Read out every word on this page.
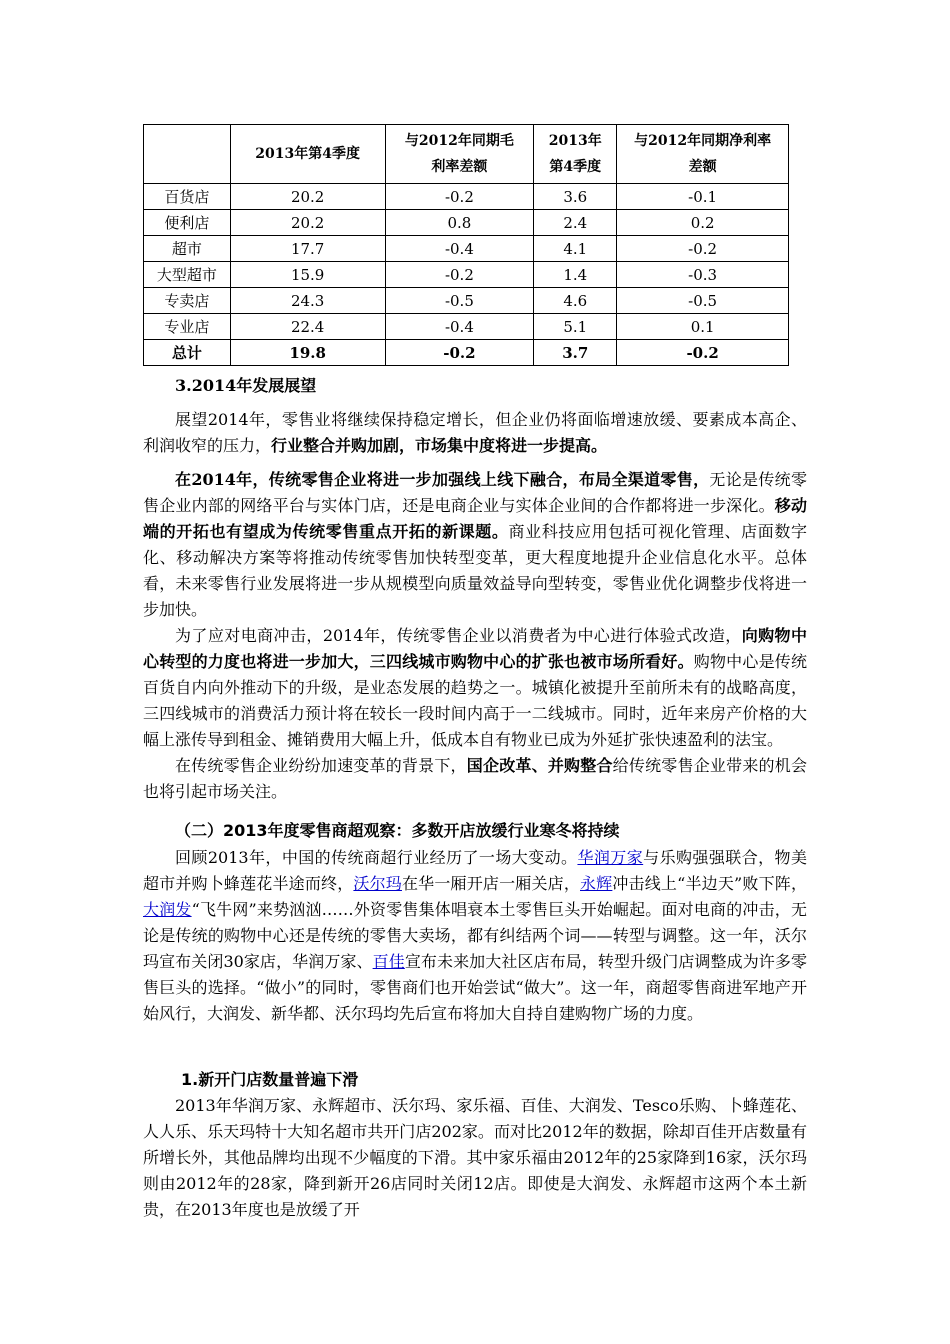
	2013年第4季度	与2012年同期毛利率差额	2013年第4季度	与2012年同期净利率差额
百货店	20.2	-0.2	3.6	-0.1
便利店	20.2	0.8	2.4	0.2
超市	17.7	-0.4	4.1	-0.2
大型超市	15.9	-0.2	1.4	-0.3
专卖店	24.3	-0.5	4.6	-0.5
专业店	22.4	-0.4	5.1	0.1
总计	19.8	-0.2	3.7	-0.2
3.2014年发展展望

展望2014年，零售业将继续保持稳定增长，但企业仍将面临增速放缓、要素成本高企、利润收窄的压力，行业整合并购加剧，市场集中度将进一步提高。

在2014年，传统零售企业将进一步加强线上线下融合，布局全渠道零售，无论是传统零售企业内部的网络平台与实体门店，还是电商企业与实体企业间的合作都将进一步深化。移动端的开拓也有望成为传统零售重点开拓的新课题。商业科技应用包括可视化管理、店面数字化、移动解决方案等将推动传统零售加快转型变革，更大程度地提升企业信息化水平。总体看，未来零售行业发展将进一步从规模型向质量效益导向型转变，零售业优化调整步伐将进一步加快。

为了应对电商冲击，2014年，传统零售企业以消费者为中心进行体验式改造，向购物中心转型的力度也将进一步加大，三四线城市购物中心的扩张也被市场所看好。购物中心是传统百货自内向外推动下的升级，是业态发展的趋势之一。城镇化被提升至前所未有的战略高度，三四线城市的消费活力预计将在较长一段时间内高于一二线城市。同时，近年来房产价格的大幅上涨传导到租金、摊销费用大幅上升，低成本自有物业已成为外延扩张快速盈利的法宝。

在传统零售企业纷纷加速变革的背景下，国企改革、并购整合给传统零售企业带来的机会也将引起市场关注。

（二）2013年度零售商超观察：多数开店放缓行业寒冬将持续

回顾2013年，中国的传统商超行业经历了一场大变动。华润万家与乐购强强联合，物美超市并购卜蜂莲花半途而终，沃尔玛在华一厢开店一厢关店，永辉冲击线上“半边天”败下阵，大润发“飞牛网”来势汹汹……外资零售集体唱衰本土零售巨头开始崛起。面对电商的冲击，无论是传统的购物中心还是传统的零售大卖场，都有纠结两个词——转型与调整。这一年，沃尔玛宣布关闭30家店，华润万家、百佳宣布未来加大社区店布局，转型升级门店调整成为许多零售巨头的选择。“做小”的同时，零售商们也开始尝试“做大”。这一年，商超零售商进军地产开始风行，大润发、新华都、沃尔玛均先后宣布将加大自持自建购物广场的力度。

1.新开门店数量普遍下滑

2013年华润万家、永辉超市、沃尔玛、家乐福、百佳、大润发、Tesco乐购、卜蜂莲花、人人乐、乐天玛特十大知名超市共开门店202家。而对比2012年的数据，除却百佳开店数量有所增长外，其他品牌均出现不少幅度的下滑。其中家乐福由2012年的25家降到16家，沃尔玛则由2012年的28家，降到新开26店同时关闭12店。即使是大润发、永辉超市这两个本土新贵，在2013年度也是放缓了开
